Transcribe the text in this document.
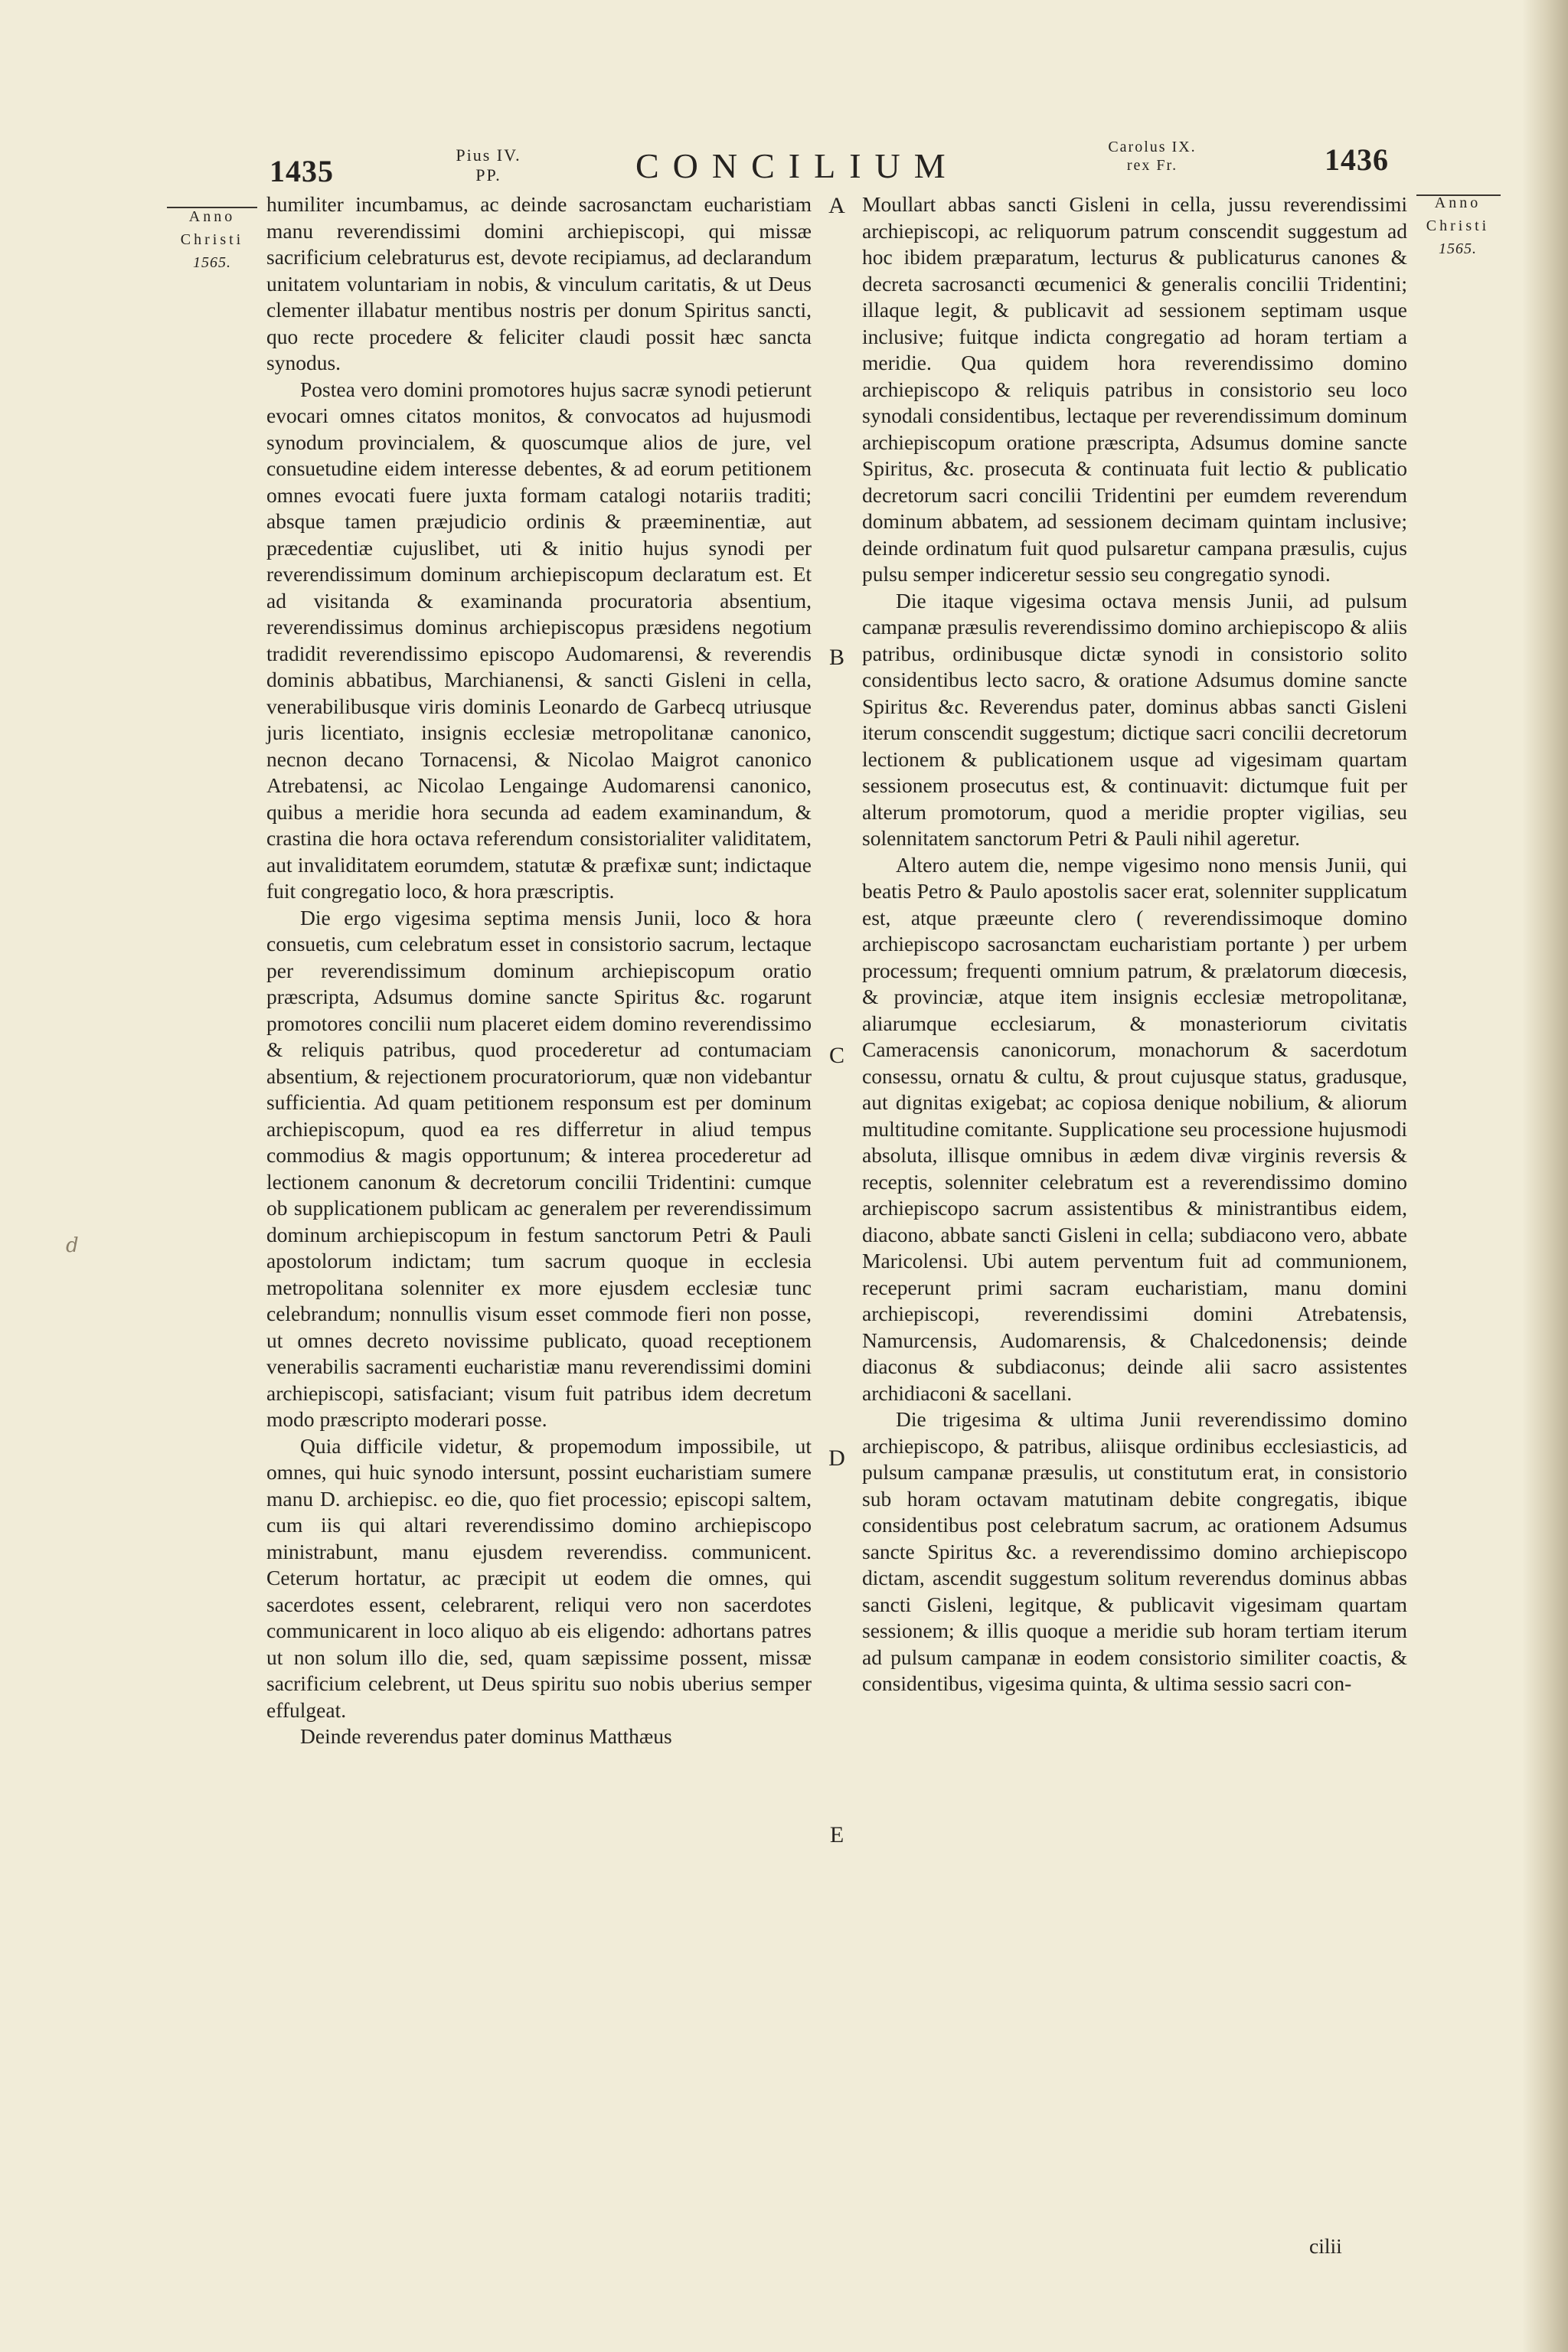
1435	Pius IV. PP.	CONCILIUM	Carolus IX. rex Fr.	1436
Anno
Christi
1565.
Anno
Christi
1565.

humiliter incumbamus, ac deinde sacrosanctam eucharistiam manu reverendissimi domini archiepiscopi, qui missæ sacrificium celebraturus est, devote recipiamus, ad declarandum unitatem voluntariam in nobis, & vinculum caritatis, & ut Deus clementer illabatur mentibus nostris per donum Spiritus sancti, quo recte procedere & feliciter claudi possit hæc sancta synodus.

Postea vero domini promotores hujus sacræ synodi petierunt evocari omnes citatos monitos, & convocatos ad hujusmodi synodum provincialem, & quoscumque alios de jure, vel consuetudine eidem interesse debentes, & ad eorum petitionem omnes evocati fuere juxta formam catalogi notariis traditi; absque tamen præjudicio ordinis & præeminentiæ, aut præcedentiæ cujuslibet, uti & initio hujus synodi per reverendissimum dominum archiepiscopum declaratum est. Et ad visitanda & examinanda procuratoria absentium, reverendissimus dominus archiepiscopus præsidens negotium tradidit reverendissimo episcopo Audomarensi, & reverendis dominis abbatibus, Marchianensi, & sancti Gisleni in cella, venerabilibusque viris dominis Leonardo de Garbecq utriusque juris licentiato, insignis ecclesiæ metropolitanæ canonico, necnon decano Tornacensi, & Nicolao Maigrot canonico Atrebatensi, ac Nicolao Lengainge Audomarensi canonico, quibus a meridie hora secunda ad eadem examinandum, & crastina die hora octava referendum consistorialiter validitatem, aut invaliditatem eorumdem, statutæ & præfixæ sunt; indictaque fuit congregatio loco, & hora præscriptis.

Die ergo vigesima septima mensis Junii, loco & hora consuetis, cum celebratum esset in consistorio sacrum, lectaque per reverendissimum dominum archiepiscopum oratio præscripta, Adsumus domine sancte Spiritus &c. rogarunt promotores concilii num placeret eidem domino reverendissimo & reliquis patribus, quod procederetur ad contumaciam absentium, & rejectionem procuratoriorum, quæ non videbantur sufficientia. Ad quam petitionem responsum est per dominum archiepiscopum, quod ea res differretur in aliud tempus commodius & magis opportunum; & interea procederetur ad lectionem canonum & decretorum concilii Tridentini: cumque ob supplicationem publicam ac generalem per reverendissimum dominum archiepiscopum in festum sanctorum Petri & Pauli apostolorum indictam; tum sacrum quoque in ecclesia metropolitana solenniter ex more ejusdem ecclesiæ tunc celebrandum; nonnullis visum esset commode fieri non posse, ut omnes decreto novissime publicato, quoad receptionem venerabilis sacramenti eucharistiæ manu reverendissimi domini archiepiscopi, satisfaciant; visum fuit patribus idem decretum modo præscripto moderari posse.

Quia difficile videtur, & propemodum impossibile, ut omnes, qui huic synodo intersunt, possint eucharistiam sumere manu D. archiepisc. eo die, quo fiet processio; episcopi saltem, cum iis qui altari reverendissimo domino archiepiscopo ministrabunt, manu ejusdem reverendiss. communicent. Ceterum hortatur, ac præcipit ut eodem die omnes, qui sacerdotes essent, celebrarent, reliqui vero non sacerdotes communicarent in loco aliquo ab eis eligendo: adhortans patres ut non solum illo die, sed, quam sæpissime possent, missæ sacrificium celebrent, ut Deus spiritu suo nobis uberius semper effulgeat.

Deinde reverendus pater dominus Matthæus

A
B
C
D
E

Moullart abbas sancti Gisleni in cella, jussu reverendissimi archiepiscopi, ac reliquorum patrum conscendit suggestum ad hoc ibidem præparatum, lecturus & publicaturus canones & decreta sacrosancti œcumenici & generalis concilii Tridentini; illaque legit, & publicavit ad sessionem septimam usque inclusive; fuitque indicta congregatio ad horam tertiam a meridie. Qua quidem hora reverendissimo domino archiepiscopo & reliquis patribus in consistorio seu loco synodali considentibus, lectaque per reverendissimum dominum archiepiscopum oratione præscripta, Adsumus domine sancte Spiritus, &c. prosecuta & continuata fuit lectio & publicatio decretorum sacri concilii Tridentini per eumdem reverendum dominum abbatem, ad sessionem decimam quintam inclusive; deinde ordinatum fuit quod pulsaretur campana præsulis, cujus pulsu semper indiceretur sessio seu congregatio synodi.

Die itaque vigesima octava mensis Junii, ad pulsum campanæ præsulis reverendissimo domino archiepiscopo & aliis patribus, ordinibusque dictæ synodi in consistorio solito considentibus lecto sacro, & oratione Adsumus domine sancte Spiritus &c. Reverendus pater, dominus abbas sancti Gisleni iterum conscendit suggestum; dictique sacri concilii decretorum lectionem & publicationem usque ad vigesimam quartam sessionem prosecutus est, & continuavit: dictumque fuit per alterum promotorum, quod a meridie propter vigilias, seu solennitatem sanctorum Petri & Pauli nihil ageretur.

Altero autem die, nempe vigesimo nono mensis Junii, qui beatis Petro & Paulo apostolis sacer erat, solenniter supplicatum est, atque præeunte clero ( reverendissimoque domino archiepiscopo sacrosanctam eucharistiam portante ) per urbem processum; frequenti omnium patrum, & prælatorum diœcesis, & provinciæ, atque item insignis ecclesiæ metropolitanæ, aliarumque ecclesiarum, & monasteriorum civitatis Cameracensis canonicorum, monachorum & sacerdotum consessu, ornatu & cultu, & prout cujusque status, gradusque, aut dignitas exigebat; ac copiosa denique nobilium, & aliorum multitudine comitante. Supplicatione seu processione hujusmodi absoluta, illisque omnibus in ædem divæ virginis reversis & receptis, solenniter celebratum est a reverendissimo domino archiepiscopo sacrum assistentibus & ministrantibus eidem, diacono, abbate sancti Gisleni in cella; subdiacono vero, abbate Maricolensi. Ubi autem perventum fuit ad communionem, receperunt primi sacram eucharistiam, manu domini archiepiscopi, reverendissimi domini Atrebatensis, Namurcensis, Audomarensis, & Chalcedonensis; deinde diaconus & subdiaconus; deinde alii sacro assistentes archidiaconi & sacellani.

Die trigesima & ultima Junii reverendissimo domino archiepiscopo, & patribus, aliisque ordinibus ecclesiasticis, ad pulsum campanæ præsulis, ut constitutum erat, in consistorio sub horam octavam matutinam debite congregatis, ibique considentibus post celebratum sacrum, ac orationem Adsumus sancte Spiritus &c. a reverendissimo domino archiepiscopo dictam, ascendit suggestum solitum reverendus dominus abbas sancti Gisleni, legitque, & publicavit vigesimam quartam sessionem; & illis quoque a meridie sub horam tertiam iterum ad pulsum campanæ in eodem consistorio similiter coactis, & considentibus, vigesima quinta, & ultima sessio sacri con-

cilii
d
